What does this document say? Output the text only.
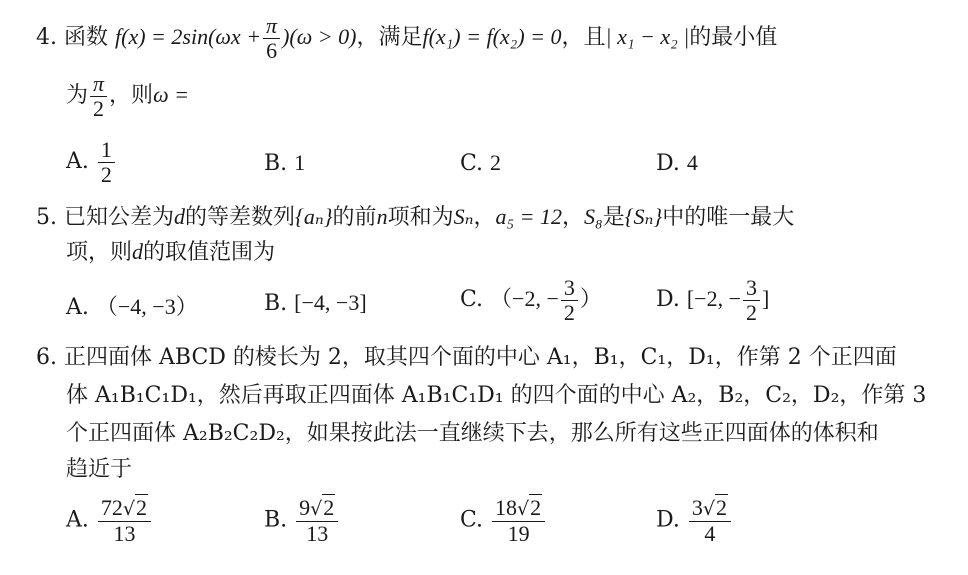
4. 函数 $f(x) = 2\sin(\omega x + \frac{\pi}{6} )(\omega > 0)$，满足f(x₁) = f(x₂) = 0，且| x₁ − x₂ |的最小值
为 $\frac{\pi}{2}$ ，则ω =
A. $\frac{1}{2}$	B. 1	C. 2	D. 4
5. 已知公差为d的等差数列{aₙ}的前n项和为Sₙ，a₅ = 12，S₈是{Sₙ}中的唯一最大
项，则d的取值范围为
A. （−4, −3）	B. [−4, −3]	C. （−2, − $\frac{3}{2}$ ） D. [−2, − $\frac{3}{2}$ ]
6. 正四面体 ABCD 的棱长为 2，取其四个面的中心 A₁，B₁，C₁，D₁，作第 2 个正四面
体 A₁B₁C₁D₁，然后再取正四面体 A₁B₁C₁D₁ 的四个面的中心 A₂，B₂，C₂，D₂，作第 3
个正四面体 A₂B₂C₂D₂，如果按此法一直继续下去，那么所有这些正四面体的体积和
趋近于
A. $\frac{72√2}{13}$	B. $\frac{9√2}{13}$	C. $\frac{18√2}{19}$	D. $\frac{3√2}{4}$
